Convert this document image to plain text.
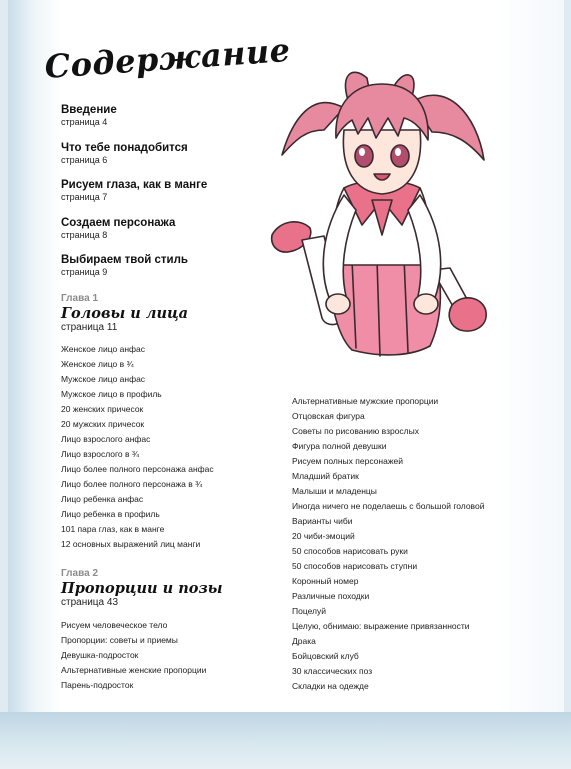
Содержание
Введение
страница 4
Что тебе понадобится
страница 6
Рисуем глаза, как в манге
страница 7
Создаем персонажа
страница 8
Выбираем твой стиль
страница 9
Глава 1
Головы и лица
страница 11
Женское лицо анфас
Женское лицо в ¾
Мужское лицо анфас
Мужское лицо в профиль
20 женских причесок
20 мужских причесок
Лицо взрослого анфас
Лицо взрослого в ¾
Лицо более полного персонажа анфас
Лицо более полного персонажа в ¾
Лицо ребенка анфас
Лицо ребенка в профиль
101 пара глаз, как в манге
12 основных выражений лиц манги
Глава 2
Пропорции и позы
страница 43
Рисуем человеческое тело
Пропорции: советы и приемы
Девушка-подросток
Альтернативные женские пропорции
Парень-подросток
Альтернативные мужские пропорции
Отцовская фигура
Советы по рисованию взрослых
Фигура полной девушки
Рисуем полных персонажей
Младший братик
Малыши и младенцы
Иногда ничего не поделаешь с большой головой
Варианты чиби
20 чиби-эмоций
50 способов нарисовать руки
50 способов нарисовать ступни
Коронный номер
Различные походки
Поцелуй
Целую, обнимаю: выражение привязанности
Драка
Бойцовский клуб
30 классических поз
Складки на одежде
